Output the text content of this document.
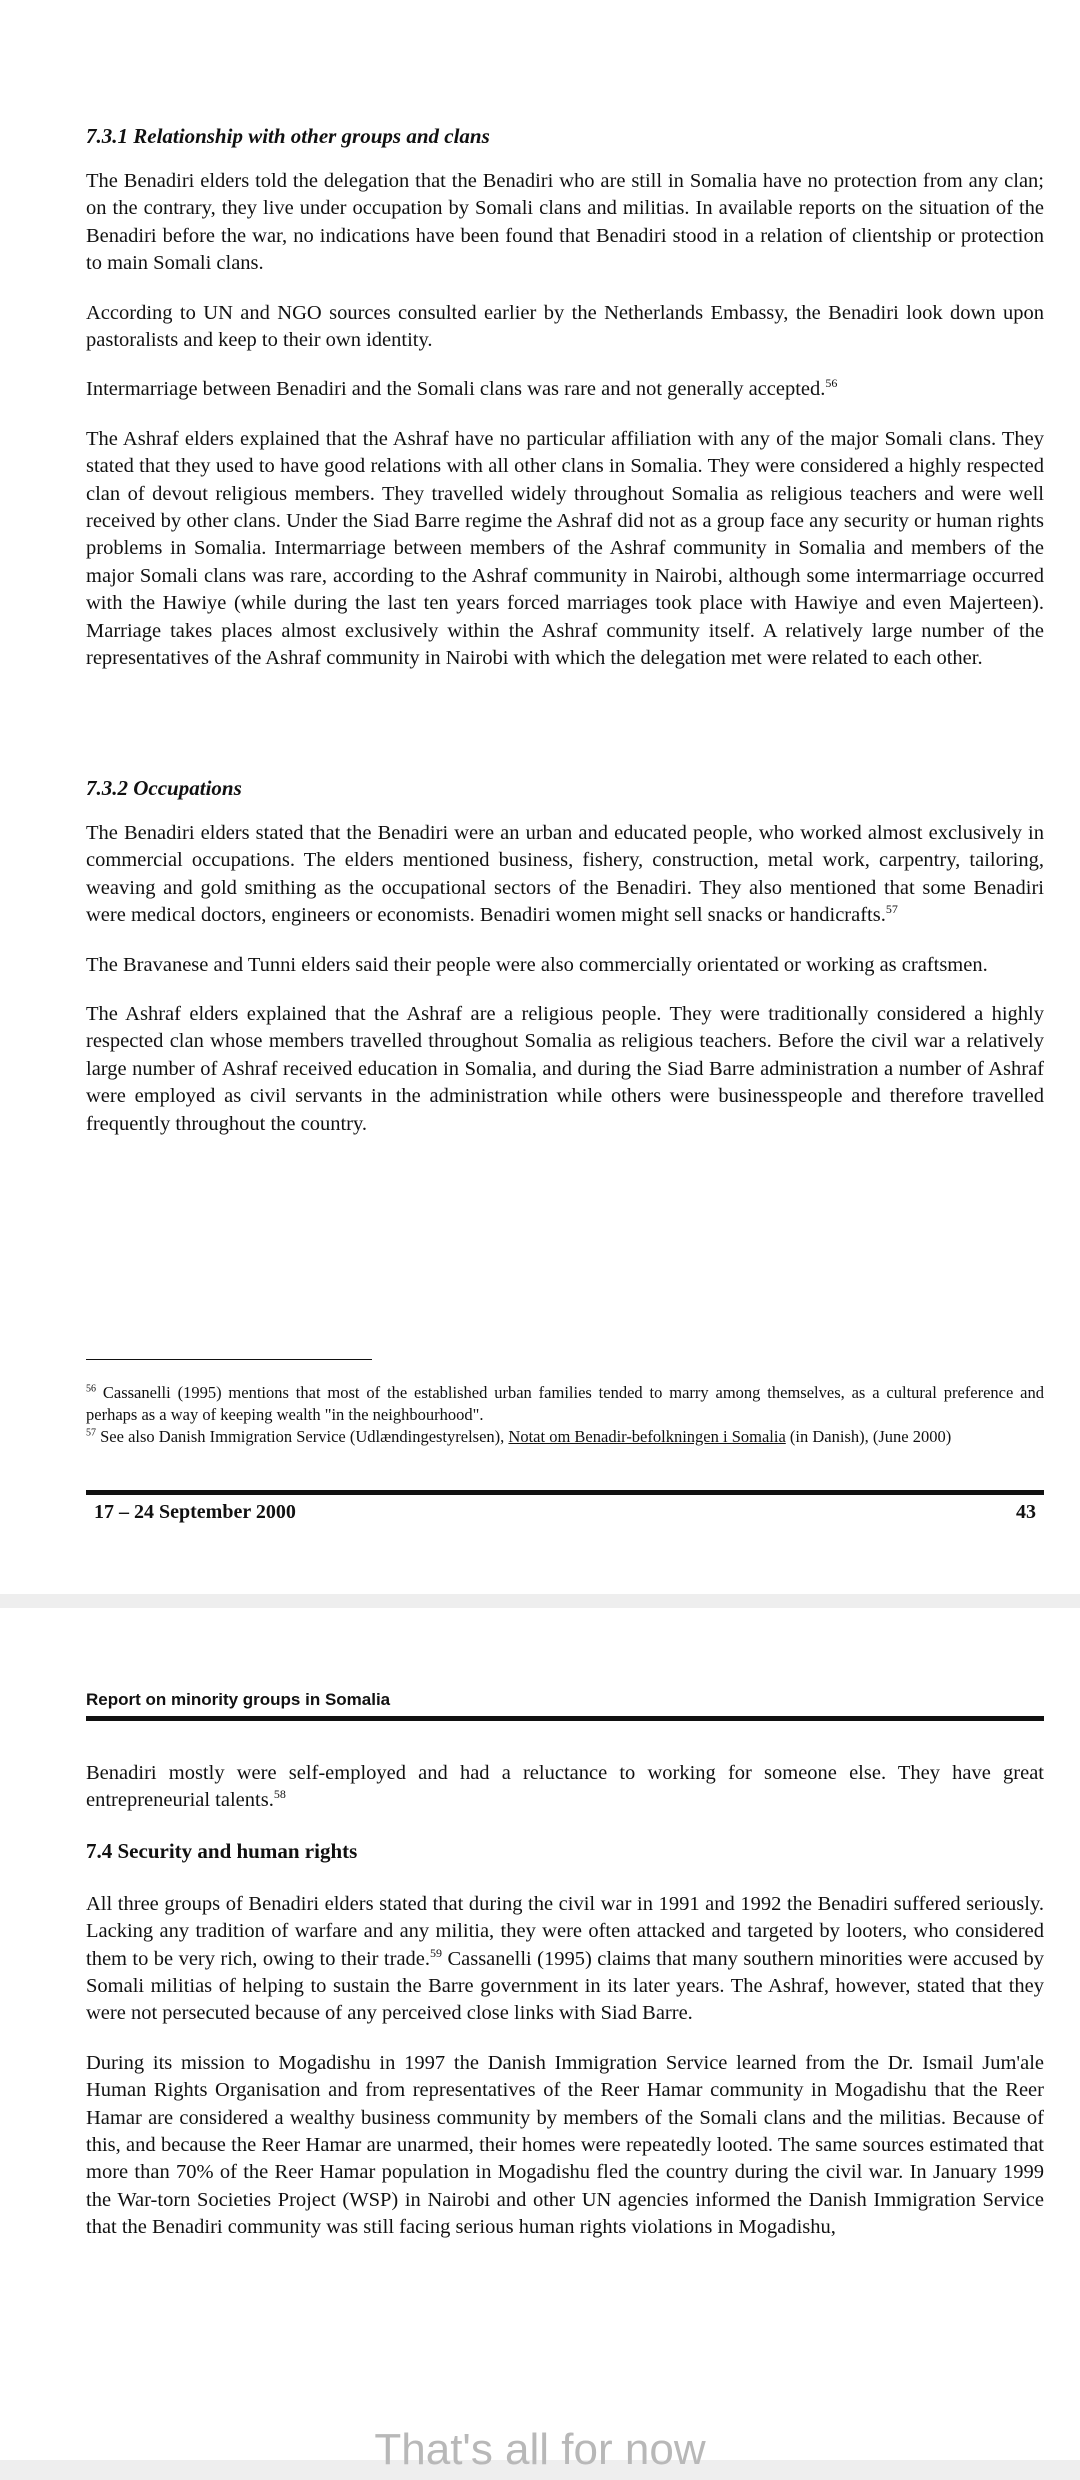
7.3.1 Relationship with other groups and clans

The Benadiri elders told the delegation that the Benadiri who are still in Somalia have no protection from any clan; on the contrary, they live under occupation by Somali clans and militias. In available reports on the situation of the Benadiri before the war, no indications have been found that Benadiri stood in a relation of clientship or protection to main Somali clans.

According to UN and NGO sources consulted earlier by the Netherlands Embassy, the Benadiri look down upon pastoralists and keep to their own identity.

Intermarriage between Benadiri and the Somali clans was rare and not generally accepted.$^{56}$

The Ashraf elders explained that the Ashraf have no particular affiliation with any of the major Somali clans. They stated that they used to have good relations with all other clans in Somalia. They were considered a highly respected clan of devout religious members. They travelled widely throughout Somalia as religious teachers and were well received by other clans. Under the Siad Barre regime the Ashraf did not as a group face any security or human rights problems in Somalia. Intermarriage between members of the Ashraf community in Somalia and members of the major Somali clans was rare, according to the Ashraf community in Nairobi, although some intermarriage occurred with the Hawiye (while during the last ten years forced marriages took place with Hawiye and even Majerteen). Marriage takes places almost exclusively within the Ashraf community itself. A relatively large number of the representatives of the Ashraf community in Nairobi with which the delegation met were related to each other.

7.3.2 Occupations

The Benadiri elders stated that the Benadiri were an urban and educated people, who worked almost exclusively in commercial occupations. The elders mentioned business, fishery, construction, metal work, carpentry, tailoring, weaving and gold smithing as the occupational sectors of the Benadiri. They also mentioned that some Benadiri were medical doctors, engineers or economists. Benadiri women might sell snacks or handicrafts.$^{57}$

The Bravanese and Tunni elders said their people were also commercially orientated or working as craftsmen.

The Ashraf elders explained that the Ashraf are a religious people. They were traditionally considered a highly respected clan whose members travelled throughout Somalia as religious teachers. Before the civil war a relatively large number of Ashraf received education in Somalia, and during the Siad Barre administration a number of Ashraf were employed as civil servants in the administration while others were businesspeople and therefore travelled frequently throughout the country.

$^{56}$ Cassanelli (1995) mentions that most of the established urban families tended to marry among themselves, as a cultural preference and perhaps as a way of keeping wealth "in the neighbourhood".

$^{57}$ See also Danish Immigration Service (Udlændingestyrelsen), Notat om Benadir-befolkningen i Somalia (in Danish), (June 2000)

17 – 24 September 2000	43
Report on minority groups in Somalia

Benadiri mostly were self-employed and had a reluctance to working for someone else. They have great entrepreneurial talents.$^{58}$

7.4 Security and human rights

All three groups of Benadiri elders stated that during the civil war in 1991 and 1992 the Benadiri suffered seriously. Lacking any tradition of warfare and any militia, they were often attacked and targeted by looters, who considered them to be very rich, owing to their trade.$^{59}$ Cassanelli (1995) claims that many southern minorities were accused by Somali militias of helping to sustain the Barre government in its later years. The Ashraf, however, stated that they were not persecuted because of any perceived close links with Siad Barre.

During its mission to Mogadishu in 1997 the Danish Immigration Service learned from the Dr. Ismail Jum'ale Human Rights Organisation and from representatives of the Reer Hamar community in Mogadishu that the Reer Hamar are considered a wealthy business community by members of the Somali clans and the militias. Because of this, and because the Reer Hamar are unarmed, their homes were repeatedly looted. The same sources estimated that more than 70% of the Reer Hamar population in Mogadishu fled the country during the civil war. In January 1999 the War-torn Societies Project (WSP) in Nairobi and other UN agencies informed the Danish Immigration Service that the Benadiri community was still facing serious human rights violations in Mogadishu,

That's all for now
